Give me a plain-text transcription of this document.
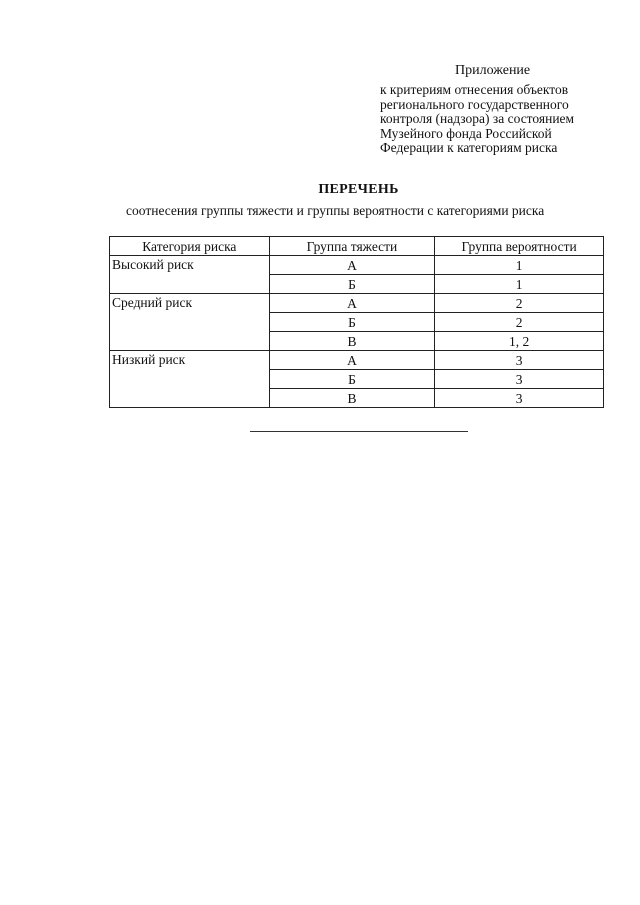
Приложение
к критериям отнесения объектов
регионального государственного
контроля (надзора) за состоянием
Музейного фонда Российской
Федерации к категориям риска
ПЕРЕЧЕНЬ
соотнесения группы тяжести и группы вероятности с категориями риска
Категория риска	Группа тяжести	Группа вероятности
Высокий риск	А	1
	Б	1
Средний риск	А	2
	Б	2
	В	1, 2
Низкий риск	А	3
	Б	3
	В	3
